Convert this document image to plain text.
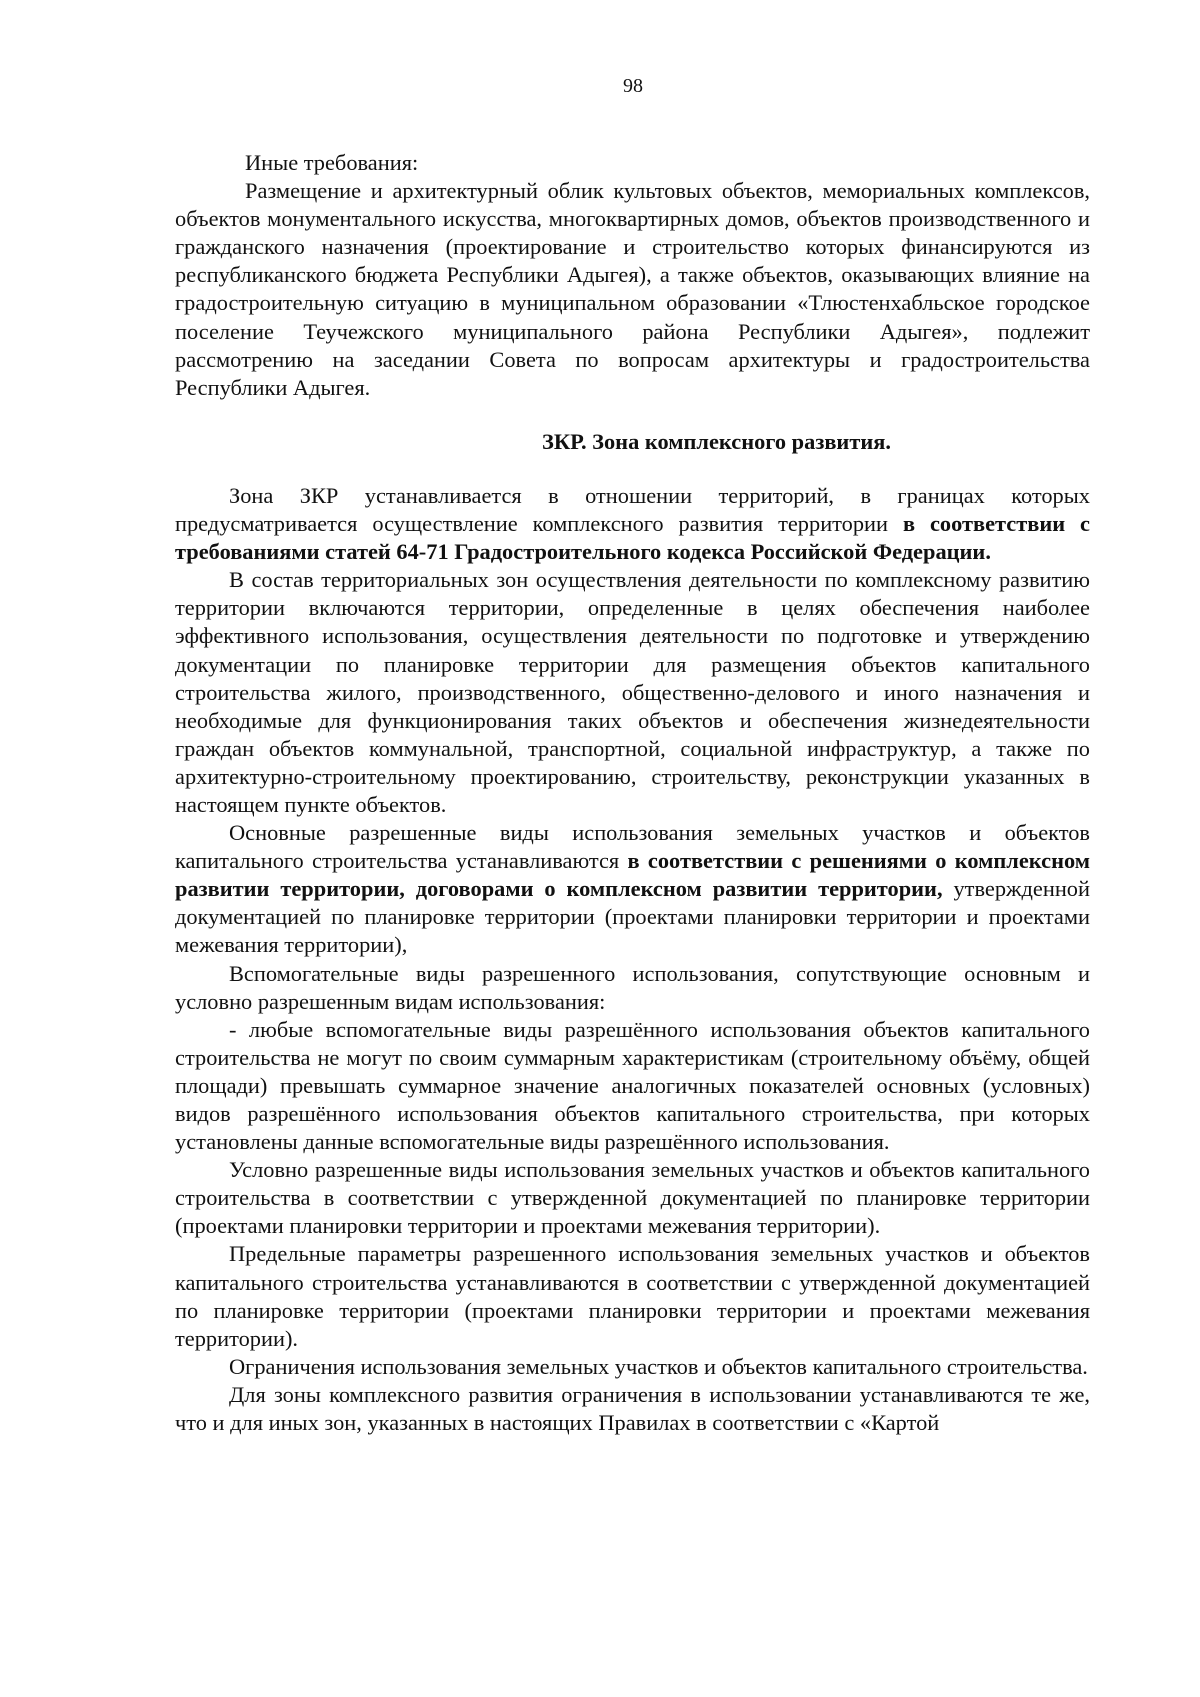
98

Иные требования:

Размещение и архитектурный облик культовых объектов, мемориальных комплексов, объектов монументального искусства, многоквартирных домов, объектов производственного и гражданского назначения (проектирование и строительство которых финансируются из республиканского бюджета Республики Адыгея), а также объектов, оказывающих влияние на градостроительную ситуацию в муниципальном образовании «Тлюстенхабльское городское поселение Теучежского муниципального района Республики Адыгея», подлежит рассмотрению на заседании Совета по вопросам архитектуры и градостроительства Республики Адыгея.

ЗКР. Зона комплексного развития.

Зона ЗКР устанавливается в отношении территорий, в границах которых предусматривается осуществление комплексного развития территории в соответствии с требованиями статей 64-71 Градостроительного кодекса Российской Федерации.

В состав территориальных зон осуществления деятельности по комплексному развитию территории включаются территории, определенные в целях обеспечения наиболее эффективного использования, осуществления деятельности по подготовке и утверждению документации по планировке территории для размещения объектов капитального строительства жилого, производственного, общественно-делового и иного назначения и необходимые для функционирования таких объектов и обеспечения жизнедеятельности граждан объектов коммунальной, транспортной, социальной инфраструктур, а также по архитектурно-строительному проектированию, строительству, реконструкции указанных в настоящем пункте объектов.

Основные разрешенные виды использования земельных участков и объектов капитального строительства устанавливаются в соответствии с решениями о комплексном развитии территории, договорами о комплексном развитии территории, утвержденной документацией по планировке территории (проектами планировки территории и проектами межевания территории),

Вспомогательные виды разрешенного использования, сопутствующие основным и условно разрешенным видам использования:

- любые вспомогательные виды разрешённого использования объектов капитального строительства не могут по своим суммарным характеристикам (строительному объёму, общей площади) превышать суммарное значение аналогичных показателей основных (условных) видов разрешённого использования объектов капитального строительства, при которых установлены данные вспомогательные виды разрешённого использования.

Условно разрешенные виды использования земельных участков и объектов капитального строительства в соответствии с утвержденной документацией по планировке территории (проектами планировки территории и проектами межевания территории).

Предельные параметры разрешенного использования земельных участков и объектов капитального строительства устанавливаются в соответствии с утвержденной документацией по планировке территории (проектами планировки территории и проектами межевания территории).

Ограничения использования земельных участков и объектов капитального строительства.

Для зоны комплексного развития ограничения в использовании устанавливаются те же, что и для иных зон, указанных в настоящих Правилах в соответствии с «Картой
